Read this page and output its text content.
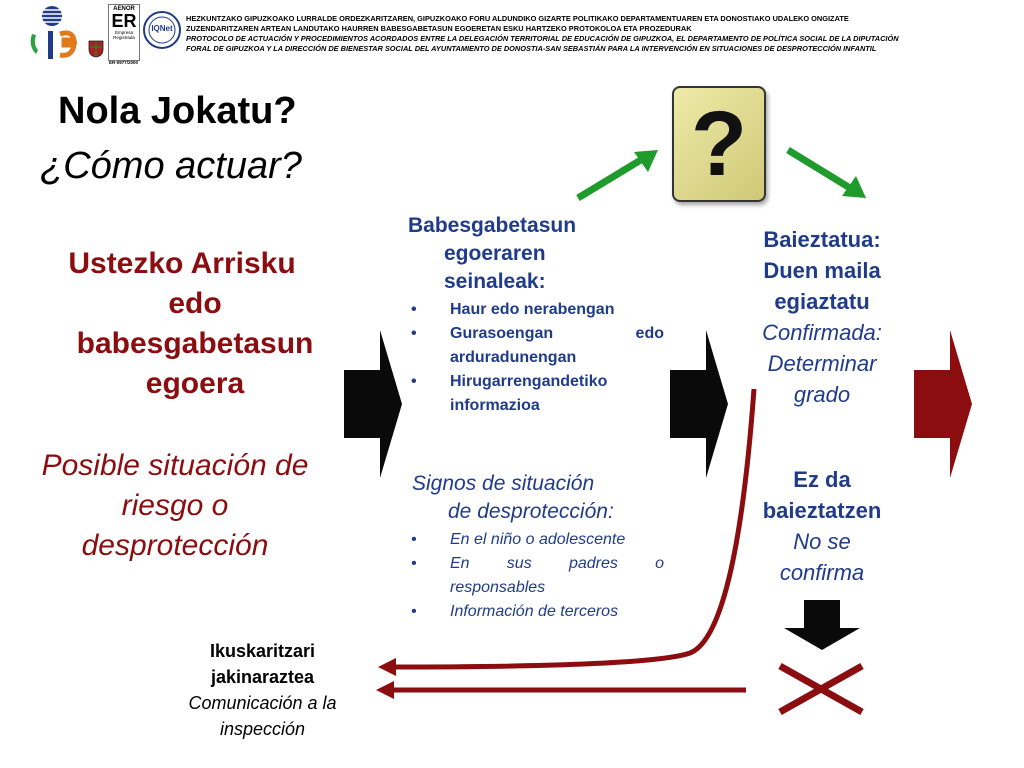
AENOR
ER
Empresa
Registrada
ER-0977/2000
IQNet
HEZKUNTZAKO GIPUZKOAKO LURRALDE ORDEZKARITZAREN, GIPUZKOAKO FORU ALDUNDIKO GIZARTE POLITIKAKO DEPARTAMENTUAREN ETA DONOSTIAKO UDALEKO ONGIZATE
ZUZENDARITZAREN ARTEAN LANDUTAKO HAURREN BABESGABETASUN EGOERETAN ESKU HARTZEKO PROTOKOLOA ETA PROZEDURAK
PROTOCOLO DE ACTUACIÓN Y PROCEDIMIENTOS ACORDADOS ENTRE LA DELEGACIÓN TERRITORIAL DE EDUCACIÓN DE GIPUZKOA, EL DEPARTAMENTO DE POLÍTICA SOCIAL DE LA DIPUTACIÓN
FORAL DE GIPUZKOA Y LA DIRECCIÓN DE BIENESTAR SOCIAL DEL AYUNTAMIENTO DE DONOSTIA-SAN SEBASTIÁN PARA LA INTERVENCIÓN EN SITUACIONES DE DESPROTECCIÓN INFANTIL
Nola Jokatu?
¿Cómo actuar?	?
Ustezko Arrisku
edo
babesgabetasun
egoera
Posible situación de
riesgo o
desprotección
Babesgabetasun
egoeraren
seinaleak:
• Haur edo nerabengan
• Gurasoengan edo arduradunengan
• Hirugarrengandetiko informazioa
Signos de situación
de desprotección:
• En el niño o adolescente
• En sus padres o responsables
• Información de terceros
Baieztatua:
Duen maila
egiaztatu
Confirmada:
Determinar
grado
Ez da
baieztatzen
No se
confirma
Ikuskaritzari
jakinaraztea
Comunicación a la
inspección
